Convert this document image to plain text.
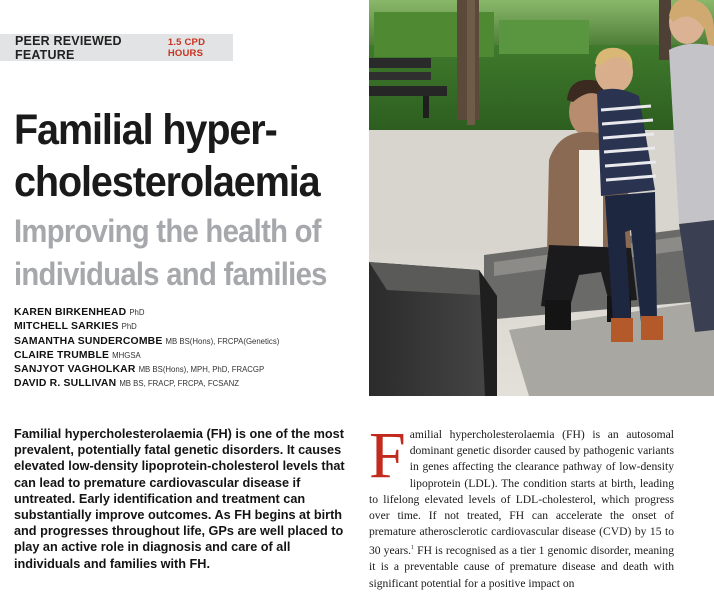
PEER REVIEWED FEATURE
1.5 CPD HOURS
Familial hyper-cholesterolaemia
Improving the health of individuals and families
KAREN BIRKENHEAD PhD
MITCHELL SARKIES PhD
SAMANTHA SUNDERCOMBE MB BS(Hons), FRCPA(Genetics)
CLAIRE TRUMBLE MHGSA
SANJYOT VAGHOLKAR MB BS(Hons), MPH, PhD, FRACGP
DAVID R. SULLIVAN MB BS, FRACP, FRCPA, FCSANZ

Familial hypercholesterolaemia (FH) is one of the most prevalent, potentially fatal genetic disorders. It causes elevated low-density lipoprotein-cholesterol levels that can lead to premature cardiovascular disease if untreated. Early identification and treatment can substantially improve outcomes. As FH begins at birth and progresses throughout life, GPs are well placed to play an active role in diagnosis and care of all individuals and families with FH.

Familial hypercholesterolaemia (FH) is an autosomal dominant genetic disorder caused by pathogenic variants in genes affecting the clearance pathway of low-density lipoprotein (LDL). The condition starts at birth, leading to lifelong elevated levels of LDL-cholesterol, which progress over time. If not treated, FH can accelerate the onset of premature atherosclerotic cardiovascular disease (CVD) by 15 to 30 years.$^1$ FH is recognised as a tier 1 genomic disorder, meaning it is a preventable cause of premature disease and death with significant potential for a positive impact on
